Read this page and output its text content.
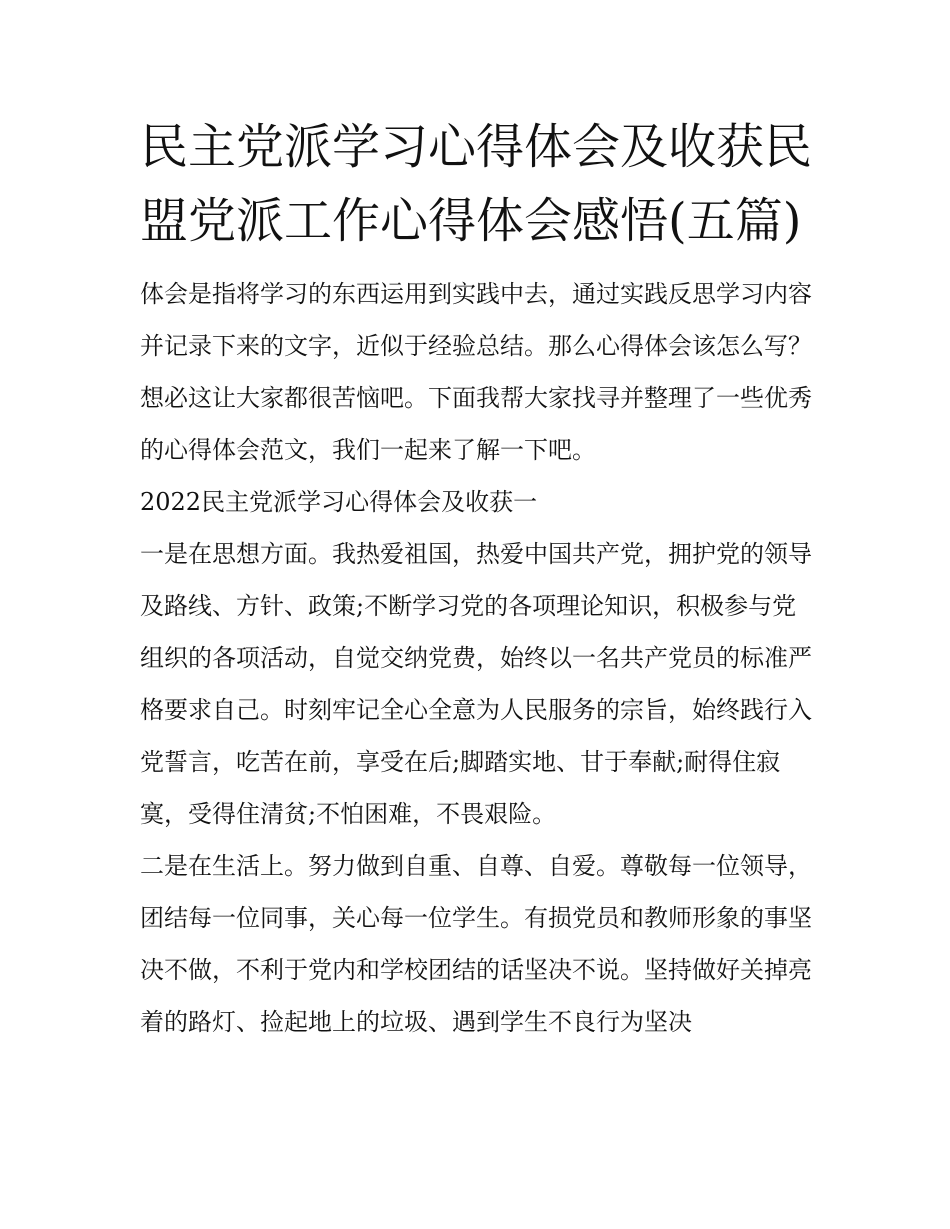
民主党派学习心得体会及收获民盟党派工作心得体会感悟(五篇)

体会是指将学习的东西运用到实践中去，通过实践反思学习内容并记录下来的文字，近似于经验总结。那么心得体会该怎么写？想必这让大家都很苦恼吧。下面我帮大家找寻并整理了一些优秀的心得体会范文，我们一起来了解一下吧。

2022民主党派学习心得体会及收获一

一是在思想方面。我热爱祖国，热爱中国共产党，拥护党的领导及路线、方针、政策;不断学习党的各项理论知识，积极参与党组织的各项活动，自觉交纳党费，始终以一名共产党员的标准严格要求自己。时刻牢记全心全意为人民服务的宗旨，始终践行入党誓言，吃苦在前，享受在后;脚踏实地、甘于奉献;耐得住寂寞，受得住清贫;不怕困难，不畏艰险。

二是在生活上。努力做到自重、自尊、自爱。尊敬每一位领导，团结每一位同事，关心每一位学生。有损党员和教师形象的事坚决不做，不利于党内和学校团结的话坚决不说。坚持做好关掉亮着的路灯、捡起地上的垃圾、遇到学生不良行为坚决
